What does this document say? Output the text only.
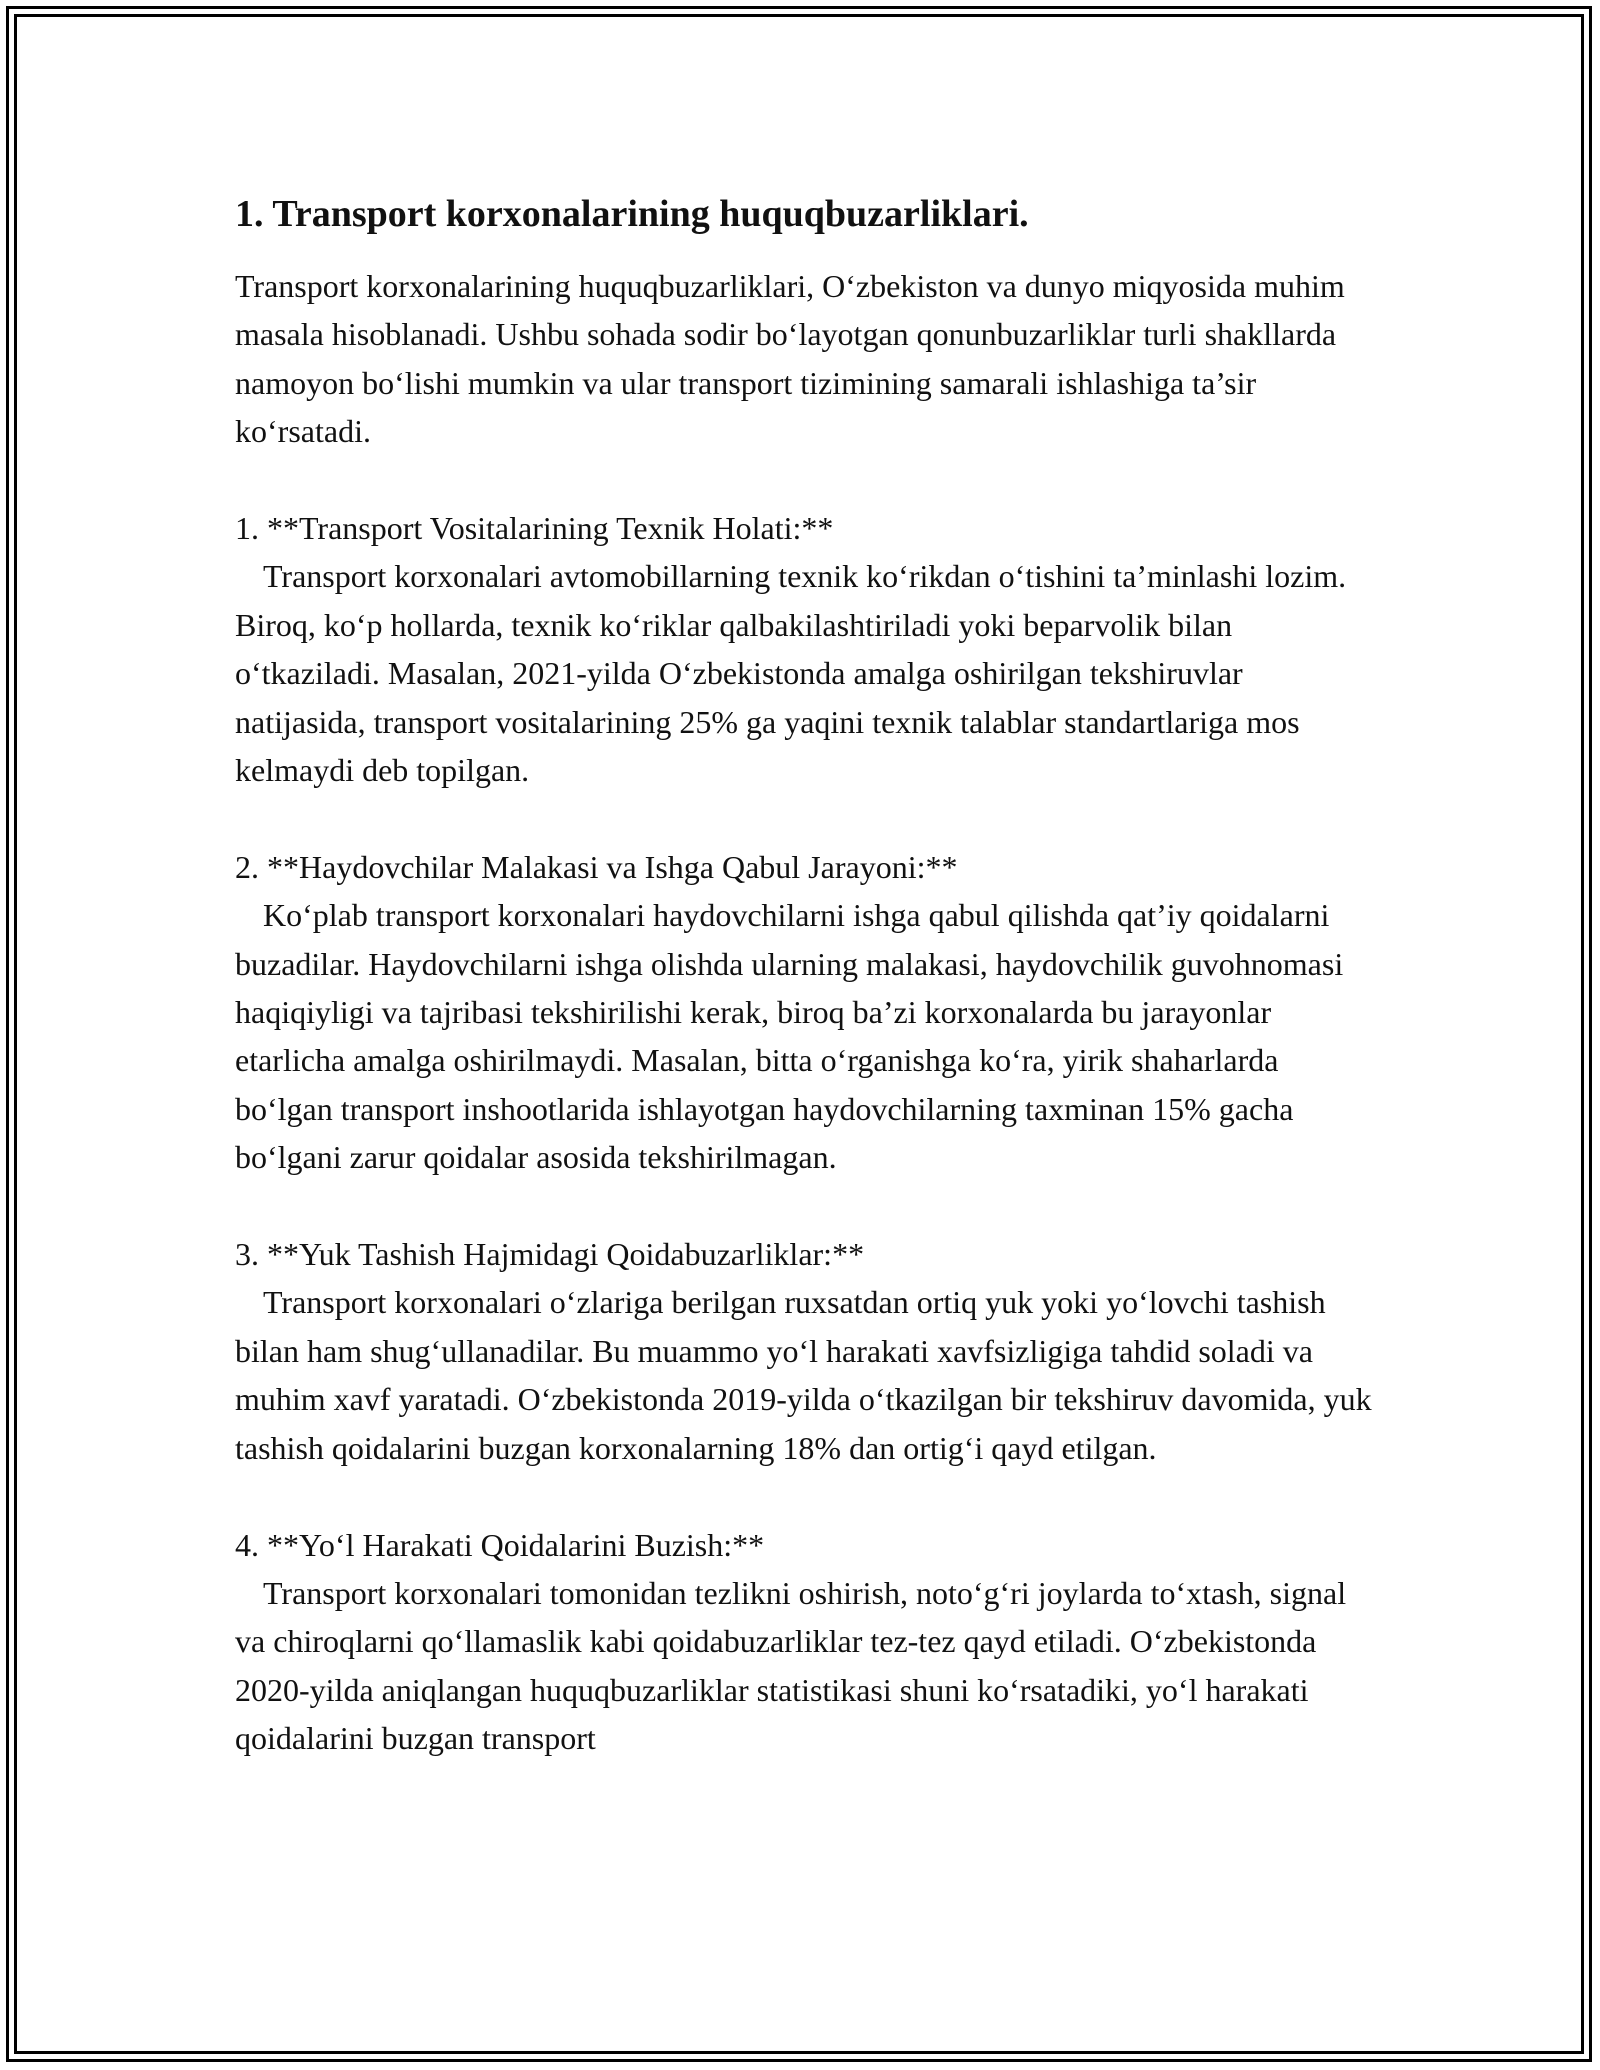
1. Transport korxonalarining huquqbuzarliklari.

Transport korxonalarining huquqbuzarliklari, O‘zbekiston va dunyo miqyosida muhim masala hisoblanadi. Ushbu sohada sodir bo‘layotgan qonunbuzarliklar turli shakllarda namoyon bo‘lishi mumkin va ular transport tizimining samarali ishlashiga ta’sir ko‘rsatadi.

1. **Transport Vositalarining Texnik Holati:**

Transport korxonalari avtomobillarning texnik ko‘rikdan o‘tishini ta’minlashi lozim. Biroq, ko‘p hollarda, texnik ko‘riklar qalbakilashtiriladi yoki beparvolik bilan o‘tkaziladi. Masalan, 2021-yilda O‘zbekistonda amalga oshirilgan tekshiruvlar natijasida, transport vositalarining 25% ga yaqini texnik talablar standartlariga mos kelmaydi deb topilgan.

2. **Haydovchilar Malakasi va Ishga Qabul Jarayoni:**

Ko‘plab transport korxonalari haydovchilarni ishga qabul qilishda qat’iy qoidalarni buzadilar. Haydovchilarni ishga olishda ularning malakasi, haydovchilik guvohnomasi haqiqiyligi va tajribasi tekshirilishi kerak, biroq ba’zi korxonalarda bu jarayonlar etarlicha amalga oshirilmaydi. Masalan, bitta o‘rganishga ko‘ra, yirik shaharlarda bo‘lgan transport inshootlarida ishlayotgan haydovchilarning taxminan 15% gacha bo‘lgani zarur qoidalar asosida tekshirilmagan.

3. **Yuk Tashish Hajmidagi Qoidabuzarliklar:**

Transport korxonalari o‘zlariga berilgan ruxsatdan ortiq yuk yoki yo‘lovchi tashish bilan ham shug‘ullanadilar. Bu muammo yo‘l harakati xavfsizligiga tahdid soladi va muhim xavf yaratadi. O‘zbekistonda 2019-yilda o‘tkazilgan bir tekshiruv davomida, yuk tashish qoidalarini buzgan korxonalarning 18% dan ortig‘i qayd etilgan.

4. **Yo‘l Harakati Qoidalarini Buzish:**

Transport korxonalari tomonidan tezlikni oshirish, noto‘g‘ri joylarda to‘xtash, signal va chiroqlarni qo‘llamaslik kabi qoidabuzarliklar tez-tez qayd etiladi. O‘zbekistonda 2020-yilda aniqlangan huquqbuzarliklar statistikasi shuni ko‘rsatadiki, yo‘l harakati qoidalarini buzgan transport
